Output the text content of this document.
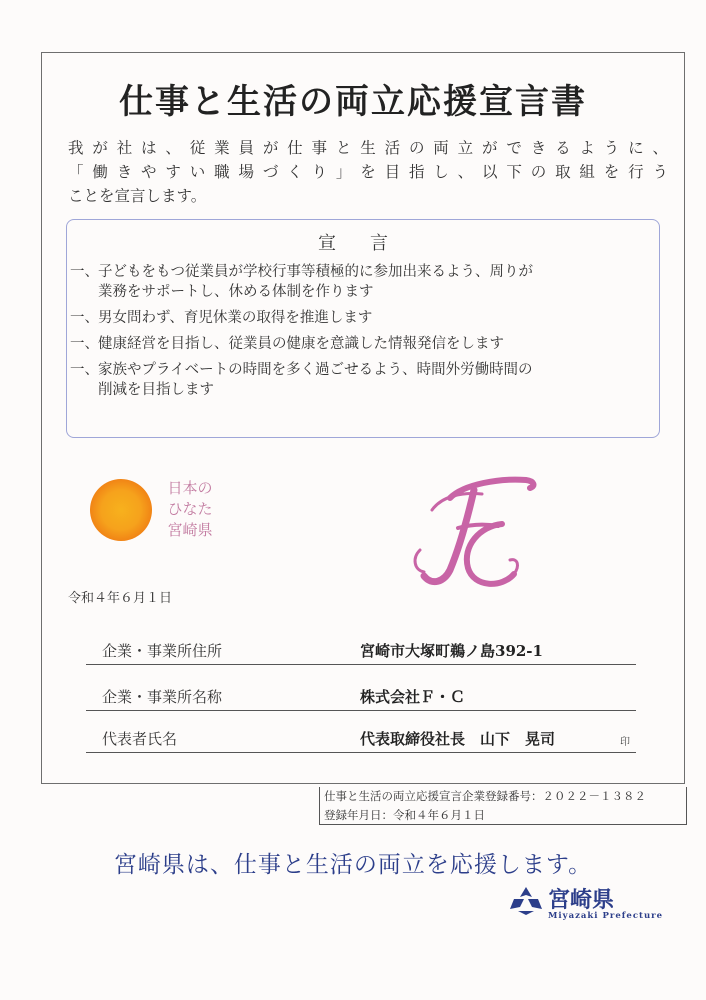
仕事と生活の両立応援宣言書
我が社は、従業員が仕事と生活の両立ができるように、
「働きやすい職場づくり」を目指し、以下の取組を行う
ことを宣言します。
宣言
一、 子どもをもつ従業員が学校行事等積極的に参加出来るよう、周りが
業務をサポートし、休める体制を作ります
一、 男女問わず、育児休業の取得を推進します
一、 健康経営を目指し、従業員の健康を意識した情報発信をします
一、 家族やプライベートの時間を多く過ごせるよう、時間外労働時間の
削減を目指します
日本の
ひなた
宮崎県
令和４年６月１日
企業・事業所住所	宮崎市大塚町鵜ノ島392-1
企業・事業所名称	株式会社Ｆ・Ｃ
代表者氏名	代表取締役社長　山下　晃司	印
仕事と生活の両立応援宣言企業登録番号：２０２２－１３８２
登録年月日：令和４年６月１日
宮崎県は、仕事と生活の両立を応援します。
宮崎県
Miyazaki Prefecture
